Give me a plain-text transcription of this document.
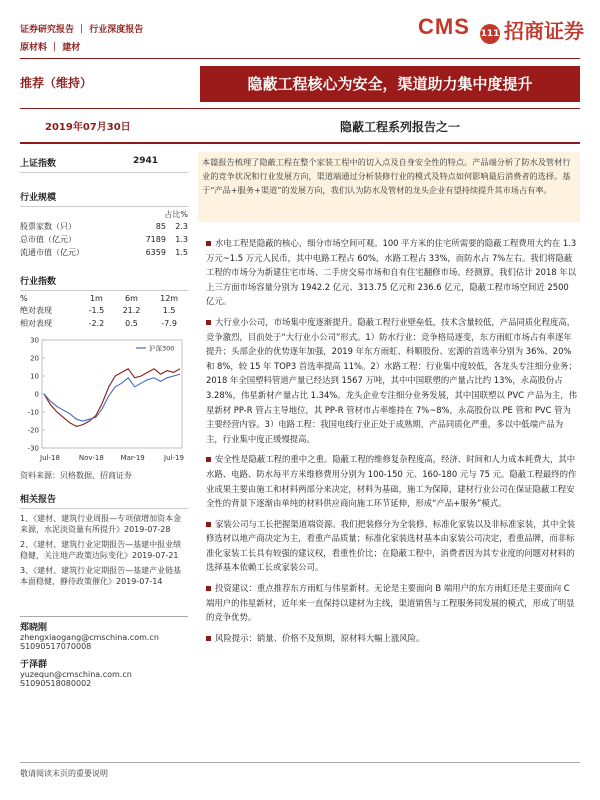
证券研究报告 ｜ 行业深度报告
原材料 ｜ 建材
CMS 111 招商证券
推荐（维持）	隐蔽工程核心为安全，渠道助力集中度提升
2019年07月30日	隐蔽工程系列报告之一
上证指数	2941
行业规模
占比%
股票家数（只）	85	2.3
总市值（亿元）	7189	1.3
流通市值（亿元）	6359	1.5
行业指数
%	1m	6m	12m
绝对表现	-1.5	21.2	1.5
相对表现	-2.2	0.5	-7.9
30
20
10
0
-10
-20
-30
Jul-18	Nov-18 Mar-19	Jul-19
沪深300
资料来源：贝格数据、招商证券
相关报告
1、《建材、建筑行业周报—专项债增加资本金来源，水泥淡资量有所提升》2019-07-28
2、《建材、建筑行业定期报告—基建中报业绩稳健，关注地产政策边际变化》2019-07-21
3、《建材、建筑行业定期报告—基建产业链基本面稳健，静待政策催化》2019-07-14
郑晓刚
zhengxiaogang@cmschina.com.cn
S1090517070008
于泽群
yuzequn@cmschina.com.cn
S1090518080002
本篇报告梳理了隐蔽工程在整个家装工程中的切入点及自身安全性的特点。产品端分析了防水及管材行业的竞争状况和行业发展方向，渠道端通过分析装修行业的模式及特点如何影响最后消费者的选择。基于“产品+服务+渠道”的发展方向，我们认为防水及管材的龙头企业有望持续提升其市场占有率。
水电工程是隐蔽的核心，细分市场空间可观。100 平方米的住宅所需要的隐蔽工程费用大约在 1.3 万元~1.5 万元人民币，其中电路工程占 60%，水路工程占 33%，而防水占 7%左右。我们将隐蔽工程的市场分为新建住宅市场、二手房交易市场和自有住宅翻修市场。经测算，我们估计 2018 年以上三方面市场容量分别为 1942.2 亿元、313.75 亿元和 236.6 亿元，隐蔽工程市场空间近 2500 亿元。
大行业小公司，市场集中度逐渐提升。隐蔽工程行业壁垒低，技术含量较低，产品同质化程度高，竞争激烈，目前处于“大行业小公司”形式。1）防水行业：竞争格局逐变，东方雨虹市场占有率逐年提升；头部企业的优势逐年加强，2019 年东方雨虹、科顺股份、宏源的首选率分别为 36%、20%和 8%，较 15 年 TOP3 首选率提高 11%。2）水路工程：行业集中度较低，各龙头专注细分业务；2018 年全国塑料管道产量已经达到 1567 万吨，其中中国联塑的产量占比约 13%，永高股份占 3.28%，伟星新材产量占比 1.34%。龙头企业专注细分业务发展，其中国联塑以 PVC 产品为主，伟星新材 PP-R 管占主导地位，其 PP-R 管材市占率维持在 7%~8%，永高股份以 PE 管和 PVC 管为主要经营内容。3）电路工程：我国电线行业正处于成熟期，产品同质化严重，多以中低端产品为主，行业集中度正缓慢提高。
安全性是隐蔽工程的重中之重。隐蔽工程的维修复杂程度高，经济、时间和人力成本耗费大，其中水路、电路、防水每平方米维修费用分别为 100-150 元、160-180 元与 75 元。隐蔽工程最终的作业成果主要由施工和材料两部分来决定，材料为基础，施工为保障，建材行业公司在保证隐蔽工程安全性的背景下逐渐由单纯的材料供应商向施工环节延伸，形成“产品+服务”模式。
家装公司与工长把握渠道端资源。我们把装修分为全装修、标准化家装以及非标准家装，其中全装修选材以地产商决定为主，看重产品质量；标准化家装选材基本由家装公司决定，看重品牌，而非标准化家装工长具有较强的建议权，看重性价比；在隐蔽工程中，消费者因为其专业度的问题对材料的选择基本依赖工长或家装公司。
投资建议：重点推荐东方雨虹与伟星新材。无论是主要面向 B 端用户的东方雨虹还是主要面向 C 端用户的伟星新材，近年来一直保持以建材为主线，渠道销售与工程服务同发展的模式，形成了明显的竞争优势。
风险提示：销量、价格不及预期，原材料大幅上涨风险。
敬请阅读末页的重要说明
